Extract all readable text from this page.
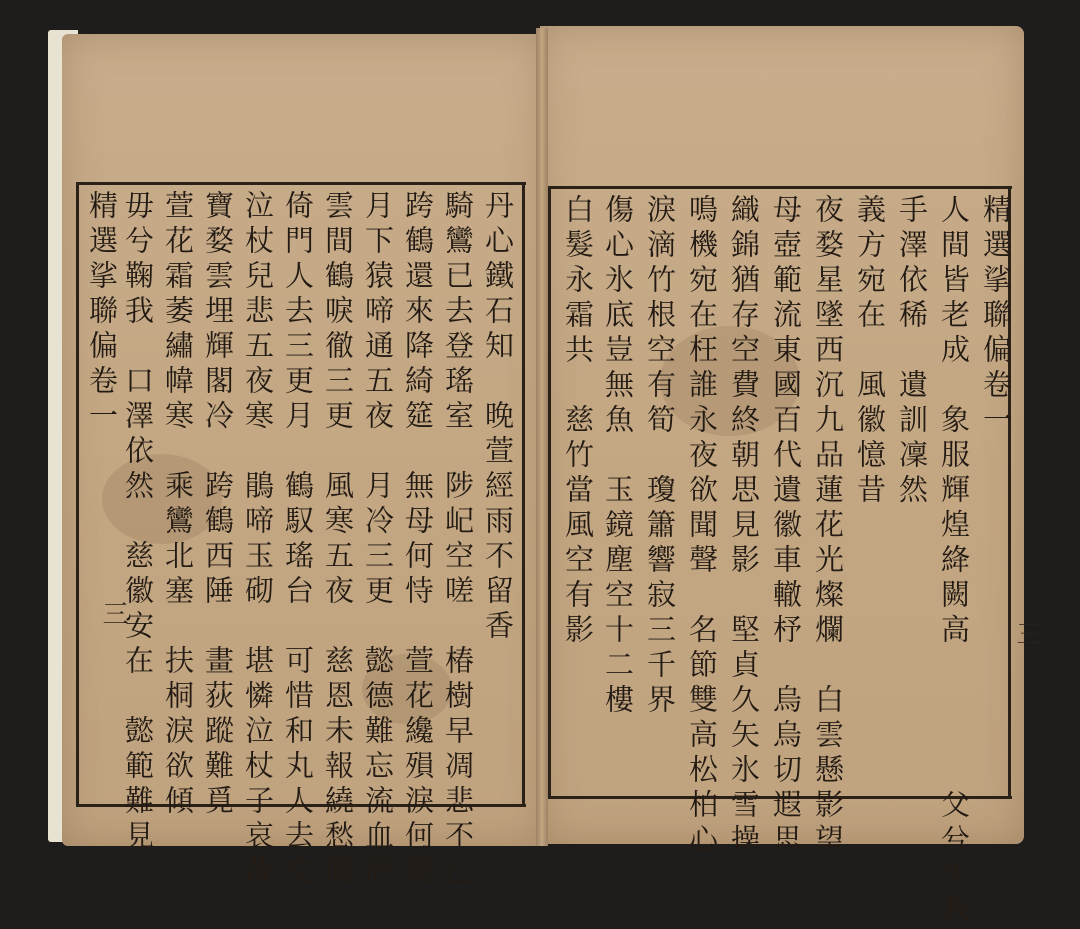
精選挲聯偏卷一
人間皆老成　象服輝煌絳闕高　　　　父兮生我
手澤依稀　遺訓凜然
義方宛在　風徽憶昔
夜婺星墜西沉九品蓮花光燦爛　白雲懸影望
母壺範流東國百代遺徽車轍杼　烏烏切遐思
織錦猶存空費終朝思見影　堅貞久矢氷雪操
鳴機宛在枉誰永夜欲聞聲　名節雙高松柏心
淚滴竹根空有筍　瓊簫響寂三千界
傷心氷底豈無魚　玉鏡塵空十二樓
白髮永霜共　慈竹當風空有影
丹心鐵石知　晚萱經雨不留香
騎鸞已去登瑤室　陟屺空嗟　椿樹早凋悲不已
跨鶴還來降綺筵　無母何恃　萱花纔殞淚何窮
月下猿啼通五夜　月冷三更　懿德難忘流血淚
雲間鶴唳徹三更　風寒五夜　慈恩未報繞愁腸
倚門人去三更月　鶴馭瑤台　可惜和丸人去矣
泣杖兒悲五夜寒　鵑啼玉砌　堪憐泣杖子哀哉
寶婺雲埋輝閣冷　跨鶴西陲　畫荻蹤難覓
萱花霜萎繡幃寒　乘鸞北塞　扶桐淚欲傾
毋兮鞠我　口澤依然　慈徽安在　懿範難見
精選挲聯偏卷一
三
三
